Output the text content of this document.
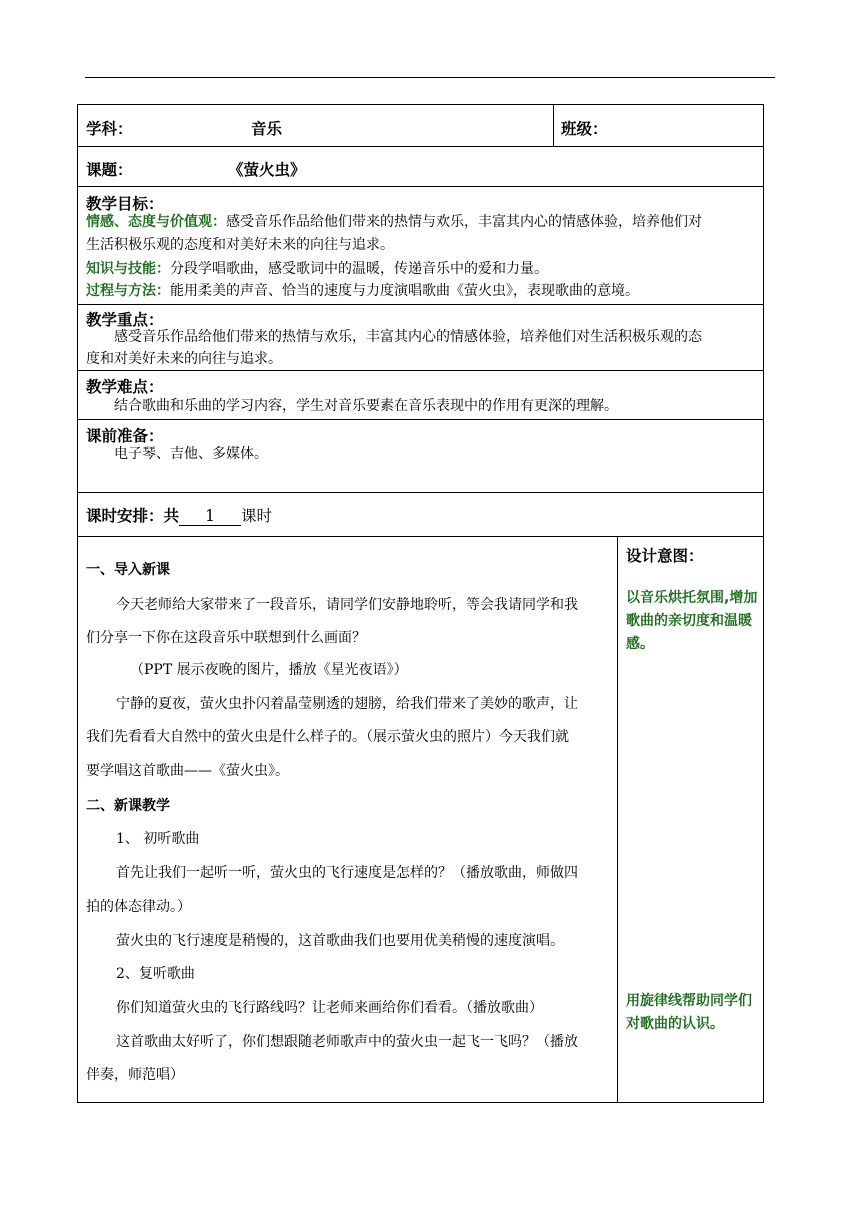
学科：	音乐	班级：
课题：	《萤火虫》
教学目标：
情感、态度与价值观：感受音乐作品给他们带来的热情与欢乐，丰富其内心的情感体验，培养他们对
生活积极乐观的态度和对美好未来的向往与追求。
知识与技能：分段学唱歌曲，感受歌词中的温暖，传递音乐中的爱和力量。
过程与方法：能用柔美的声音、恰当的速度与力度演唱歌曲《萤火虫》，表现歌曲的意境。
教学重点：
感受音乐作品给他们带来的热情与欢乐，丰富其内心的情感体验，培养他们对生活积极乐观的态
度和对美好未来的向往与追求。
教学难点：
结合歌曲和乐曲的学习内容，学生对音乐要素在音乐表现中的作用有更深的理解。
课前准备：
电子琴、吉他、多媒体。
课时安排：共 1 课时
设计意图：
以音乐烘托氛围,增加歌曲的亲切度和温暖感。
用旋律线帮助同学们对歌曲的认识。

一、导入新课

今天老师给大家带来了一段音乐，请同学们安静地聆听，等会我请同学和我

们分享一下你在这段音乐中联想到什么画面？

（PPT 展示夜晚的图片，播放《星光夜语》）

宁静的夏夜，萤火虫扑闪着晶莹剔透的翅膀，给我们带来了美妙的歌声，让

我们先看看大自然中的萤火虫是什么样子的。（展示萤火虫的照片）今天我们就

要学唱这首歌曲——《萤火虫》。

二、新课教学

1、 初听歌曲

首先让我们一起听一听，萤火虫的飞行速度是怎样的？（播放歌曲，师做四

拍的体态律动。）

萤火虫的飞行速度是稍慢的，这首歌曲我们也要用优美稍慢的速度演唱。

2、复听歌曲

你们知道萤火虫的飞行路线吗？让老师来画给你们看看。（播放歌曲）

这首歌曲太好听了，你们想跟随老师歌声中的萤火虫一起飞一飞吗？（播放

伴奏，师范唱）
